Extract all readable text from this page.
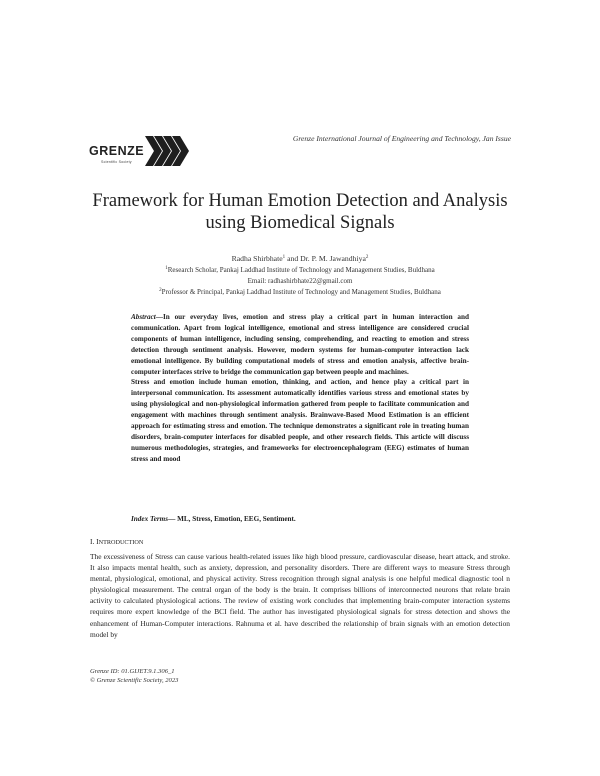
GRENZE
Scientific Society
Grenze International Journal of Engineering and Technology, Jan Issue
Framework for Human Emotion Detection and Analysis
using Biomedical Signals
Radha Shirbhate$^1$ and Dr. P. M. Jawandhiya$^2$
$^1$Research Scholar, Pankaj Laddhad Institute of Technology and Management Studies, Buldhana
Email: radhashirbhate22@gmail.com
$^2$Professor & Principal, Pankaj Laddhad Institute of Technology and Management Studies, Buldhana

Abstract—In our everyday lives, emotion and stress play a critical part in human interaction and communication. Apart from logical intelligence, emotional and stress intelligence are considered crucial components of human intelligence, including sensing, comprehending, and reacting to emotion and stress detection through sentiment analysis. However, modern systems for human-computer interaction lack emotional intelligence. By building computational models of stress and emotion analysis, affective brain-computer interfaces strive to bridge the communication gap between people and machines.

Stress and emotion include human emotion, thinking, and action, and hence play a critical part in interpersonal communication. Its assessment automatically identifies various stress and emotional states by using physiological and non-physiological information gathered from people to facilitate communication and engagement with machines through sentiment analysis. Brainwave-Based Mood Estimation is an efficient approach for estimating stress and emotion. The technique demonstrates a significant role in treating human disorders, brain-computer interfaces for disabled people, and other research fields. This article will discuss numerous methodologies, strategies, and frameworks for electroencephalogram (EEG) estimates of human stress and mood

Index Terms— ML, Stress, Emotion, EEG, Sentiment.
I. INTRODUCTION
The excessiveness of Stress can cause various health-related issues like high blood pressure, cardiovascular disease, heart attack, and stroke. It also impacts mental health, such as anxiety, depression, and personality disorders. There are different ways to measure Stress through mental, physiological, emotional, and physical activity. Stress recognition through signal analysis is one helpful medical diagnostic tool n physiological measurement. The central organ of the body is the brain. It comprises billions of interconnected neurons that relate brain activity to calculated physiological actions. The review of existing work concludes that implementing brain-computer interaction systems requires more expert knowledge of the BCI field. The author has investigated physiological signals for stress detection and shows the enhancement of Human-Computer interactions. Rahnuma et al. have described the relationship of brain signals with an emotion detection model by
Grenze ID: 01.GIJET.9.1.306_1
© Grenze Scientific Society, 2023
